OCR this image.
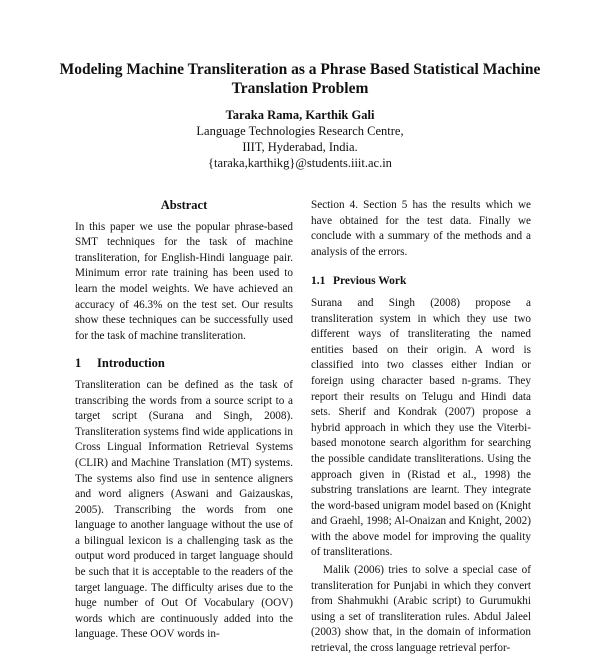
Modeling Machine Transliteration as a Phrase Based Statistical Machine Translation Problem
Taraka Rama, Karthik Gali
Language Technologies Research Centre,
IIIT, Hyderabad, India.
{taraka,karthikg}@students.iiit.ac.in
Abstract

In this paper we use the popular phrase-based SMT techniques for the task of machine transliteration, for English-Hindi language pair. Minimum error rate training has been used to learn the model weights. We have achieved an accuracy of 46.3% on the test set. Our results show these techniques can be successfully used for the task of machine transliteration.

1 Introduction

Transliteration can be defined as the task of transcribing the words from a source script to a target script (Surana and Singh, 2008). Transliteration systems find wide applications in Cross Lingual Information Retrieval Systems (CLIR) and Machine Translation (MT) systems. The systems also find use in sentence aligners and word aligners (Aswani and Gaizauskas, 2005). Transcribing the words from one language to another language without the use of a bilingual lexicon is a challenging task as the output word produced in target language should be such that it is acceptable to the readers of the target language. The difficulty arises due to the huge number of Out Of Vocabulary (OOV) words which are continuously added into the language. These OOV words in-

Section 4. Section 5 has the results which we have obtained for the test data. Finally we conclude with a summary of the methods and a analysis of the errors.

1.1 Previous Work

Surana and Singh (2008) propose a transliteration system in which they use two different ways of transliterating the named entities based on their origin. A word is classified into two classes either Indian or foreign using character based n-grams. They report their results on Telugu and Hindi data sets. Sherif and Kondrak (2007) propose a hybrid approach in which they use the Viterbi-based monotone search algorithm for searching the possible candidate transliterations. Using the approach given in (Ristad et al., 1998) the substring translations are learnt. They integrate the word-based unigram model based on (Knight and Graehl, 1998; Al-Onaizan and Knight, 2002) with the above model for improving the quality of transliterations.

Malik (2006) tries to solve a special case of transliteration for Punjabi in which they convert from Shahmukhi (Arabic script) to Gurumukhi using a set of transliteration rules. Abdul Jaleel (2003) show that, in the domain of information retrieval, the cross language retrieval perfor-
